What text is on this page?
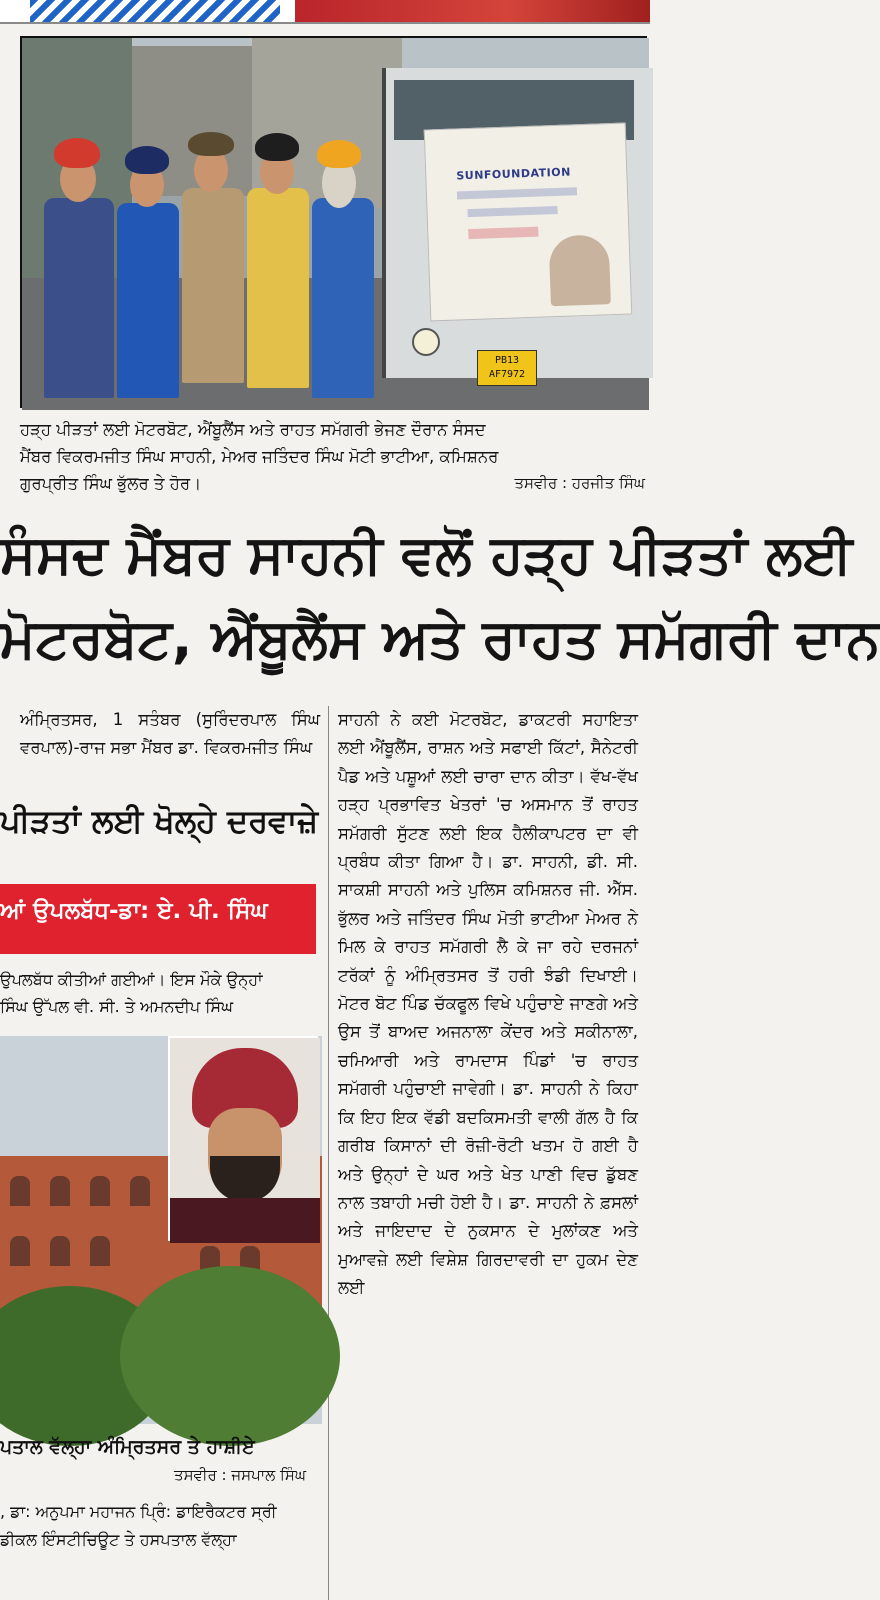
SUNFOUNDATION
PB13
AF7972
ਹੜ੍ਹ ਪੀੜਤਾਂ ਲਈ ਮੋਟਰਬੋਟ, ਐਂਬੂਲੈਂਸ ਅਤੇ ਰਾਹਤ ਸਮੱਗਰੀ ਭੇਜਣ ਦੌਰਾਨ ਸੰਸਦ
ਮੈਂਬਰ ਵਿਕਰਮਜੀਤ ਸਿੰਘ ਸਾਹਨੀ, ਮੇਅਰ ਜਤਿੰਦਰ ਸਿੰਘ ਮੋਟੀ ਭਾਟੀਆ, ਕਮਿਸ਼ਨਰ
ਗੁਰਪ੍ਰੀਤ ਸਿੰਘ ਭੁੱਲਰ ਤੇ ਹੋਰ।	ਤਸਵੀਰ : ਹਰਜੀਤ ਸਿੰਘ
ਸੰਸਦ ਮੈਂਬਰ ਸਾਹਨੀ ਵਲੋਂ ਹੜ੍ਹ ਪੀੜਤਾਂ ਲਈ
ਮੋਟਰਬੋਟ, ਐਂਬੂਲੈਂਸ ਅਤੇ ਰਾਹਤ ਸਮੱਗਰੀ ਦਾਨ
ਅੰਮ੍ਰਿਤਸਰ, 1 ਸਤੰਬਰ (ਸੁਰਿੰਦਰਪਾਲ ਸਿੰਘ ਵਰਪਾਲ)-ਰਾਜ ਸਭਾ ਮੈਂਬਰ ਡਾ. ਵਿਕਰਮਜੀਤ ਸਿੰਘ
ਸਾਹਨੀ ਨੇ ਕਈ ਮੋਟਰਬੋਟ, ਡਾਕਟਰੀ ਸਹਾਇਤਾ ਲਈ ਐਂਬੂਲੈਂਸ, ਰਾਸ਼ਨ ਅਤੇ ਸਫਾਈ ਕਿੱਟਾਂ, ਸੈਨੇਟਰੀ ਪੈਡ ਅਤੇ ਪਸ਼ੂਆਂ ਲਈ ਚਾਰਾ ਦਾਨ ਕੀਤਾ। ਵੱਖ-ਵੱਖ ਹੜ੍ਹ ਪ੍ਰਭਾਵਿਤ ਖੇਤਰਾਂ 'ਚ ਅਸਮਾਨ ਤੋਂ ਰਾਹਤ ਸਮੱਗਰੀ ਸੁੱਟਣ ਲਈ ਇਕ ਹੈਲੀਕਾਪਟਰ ਦਾ ਵੀ ਪ੍ਰਬੰਧ ਕੀਤਾ ਗਿਆ ਹੈ। ਡਾ. ਸਾਹਨੀ, ਡੀ. ਸੀ. ਸਾਕਸ਼ੀ ਸਾਹਨੀ ਅਤੇ ਪੁਲਿਸ ਕਮਿਸ਼ਨਰ ਜੀ. ਐੱਸ. ਭੁੱਲਰ ਅਤੇ ਜਤਿੰਦਰ ਸਿੰਘ ਮੋਤੀ ਭਾਟੀਆ ਮੇਅਰ ਨੇ ਮਿਲ ਕੇ ਰਾਹਤ ਸਮੱਗਰੀ ਲੈ ਕੇ ਜਾ ਰਹੇ ਦਰਜਨਾਂ ਟਰੱਕਾਂ ਨੂੰ ਅੰਮ੍ਰਿਤਸਰ ਤੋਂ ਹਰੀ ਝੰਡੀ ਦਿਖਾਈ। ਮੋਟਰ ਬੋਟ ਪਿੰਡ ਚੱਕਫੂਲ ਵਿਖੇ ਪਹੁੰਚਾਏ ਜਾਣਗੇ ਅਤੇ ਉਸ ਤੋਂ ਬਾਅਦ ਅਜਨਾਲਾ ਕੇਂਦਰ ਅਤੇ ਸਕੀਨਾਲਾ, ਚਮਿਆਰੀ ਅਤੇ ਰਾਮਦਾਸ ਪਿੰਡਾਂ 'ਚ ਰਾਹਤ ਸਮੱਗਰੀ ਪਹੁੰਚਾਈ ਜਾਵੇਗੀ। ਡਾ. ਸਾਹਨੀ ਨੇ ਕਿਹਾ ਕਿ ਇਹ ਇਕ ਵੱਡੀ ਬਦਕਿਸਮਤੀ ਵਾਲੀ ਗੱਲ ਹੈ ਕਿ ਗਰੀਬ ਕਿਸਾਨਾਂ ਦੀ ਰੋਜ਼ੀ-ਰੋਟੀ ਖਤਮ ਹੋ ਗਈ ਹੈ ਅਤੇ ਉਨ੍ਹਾਂ ਦੇ ਘਰ ਅਤੇ ਖੇਤ ਪਾਣੀ ਵਿਚ ਡੁੱਬਣ ਨਾਲ ਤਬਾਹੀ ਮਚੀ ਹੋਈ ਹੈ। ਡਾ. ਸਾਹਨੀ ਨੇ ਫ਼ਸਲਾਂ ਅਤੇ ਜਾਇਦਾਦ ਦੇ ਨੁਕਸਾਨ ਦੇ ਮੁਲਾਂਕਣ ਅਤੇ ਮੁਆਵਜ਼ੇ ਲਈ ਵਿਸ਼ੇਸ਼ ਗਿਰਦਾਵਰੀ ਦਾ ਹੁਕਮ ਦੇਣ ਲਈ
ਪੀੜਤਾਂ ਲਈ ਖੋਲ੍ਹੇ ਦਰਵਾਜ਼ੇ
ਆਂ ਉਪਲਬੱਧ-ਡਾ: ਏ. ਪੀ. ਸਿੰਘ
ਉਪਲਬੱਧ ਕੀਤੀਆਂ ਗਈਆਂ। ਇਸ ਮੌਕੇ ਉਨ੍ਹਾਂ
ਸਿੰਘ ਉੱਪਲ ਵੀ. ਸੀ. ਤੇ ਅਮਨਦੀਪ ਸਿੰਘ
ਪਤਾਲ ਵੱਲ੍ਹਾ ਅੰਮ੍ਰਿਤਸਰ ਤੇ ਹਾਸ਼ੀਏ
ਤਸਵੀਰ : ਜਸਪਾਲ ਸਿੰਘ
, ਡਾ: ਅਨੁਪਮਾ ਮਹਾਜਨ ਪ੍ਰਿੰ: ਡਾਇਰੈਕਟਰ ਸ੍ਰੀ
ਡੀਕਲ ਇੰਸਟੀਚਿਊਟ ਤੇ ਹਸਪਤਾਲ ਵੱਲ੍ਹਾ
